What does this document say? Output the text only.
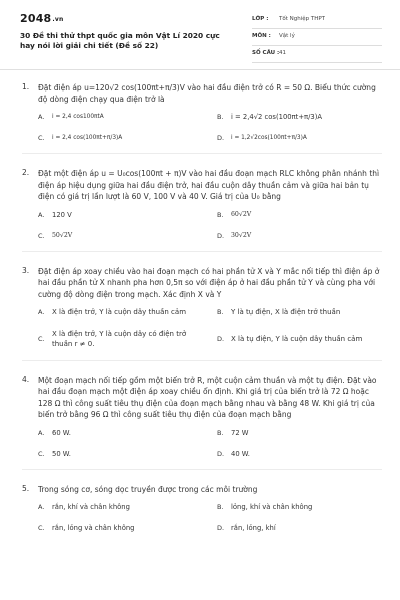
2048.vn
30 Đề thi thử thpt quốc gia môn Vật Lí 2020 cực hay nói lời giải chi tiết (Đề số 22)
LỚP : Tốt Nghiệp THPT
MÔN : Vật lý
SỐ CÂU : 41
1. Đặt điện áp u=120√2 cos(100πt+π/3)V vào hai đầu điện trở có R = 50 Ω. Biểu thức cường độ dòng điện chạy qua điện trở là
A.	i = 2,4 cos100πtA	B.	i = 2,4√2 cos(100πt+π/3)A
C.	i = 2,4 cos(100πt+π/3)A	D.	i = 1,2√2cos(100πt+π/3)A
2. Đặt một điện áp u = U₀cos(100πt + π)V vào hai đầu đoạn mạch RLC không phân nhánh thì điện áp hiệu dụng giữa hai đầu điện trở, hai đầu cuộn dây thuần cảm và giữa hai bản tụ điện có giá trị lần lượt là 60 V, 100 V và 40 V. Giá trị của U₀ bằng
A.	120 V	B.	60√2V
C.	50√2V	D.	30√2V
3. Đặt điện áp xoay chiều vào hai đoạn mạch có hai phần tử X và Y mắc nối tiếp thì điện áp ở hai đầu phần tử X nhanh pha hơn 0,5π so với điện áp ở hai đầu phần tử Y và cùng pha với cường độ dòng điện trong mạch. Xác định X và Y
A.	X là điện trở, Y là cuộn dây thuần cảm	B.	Y là tụ điện, X là điện trở thuần
C.
X là điện trở, Y là cuộn dây có điện trở thuần r ≠ 0.
D. X là tụ điện, Y là cuộn dây thuần cảm
4. Một đoạn mạch nối tiếp gồm một biến trở R, một cuộn cảm thuần và một tụ điện. Đặt vào hai đầu đoạn mạch một điện áp xoay chiều ổn định. Khi giá trị của biến trở là 72 Ω hoặc 128 Ω thì công suất tiêu thụ điện của đoạn mạch bằng nhau và bằng 48 W. Khi giá trị của biến trở bằng 96 Ω thì công suất tiêu thụ điện của đoạn mạch bằng
A.	60 W.	B.	72 W
C.	50 W.	D.	40 W.
5. Trong sóng cơ, sóng dọc truyền được trong các môi trường
A.	rắn, khí và chân không	B.	lỏng, khí và chân không
C.	rắn, lỏng và chân không	D.	rắn, lỏng, khí
